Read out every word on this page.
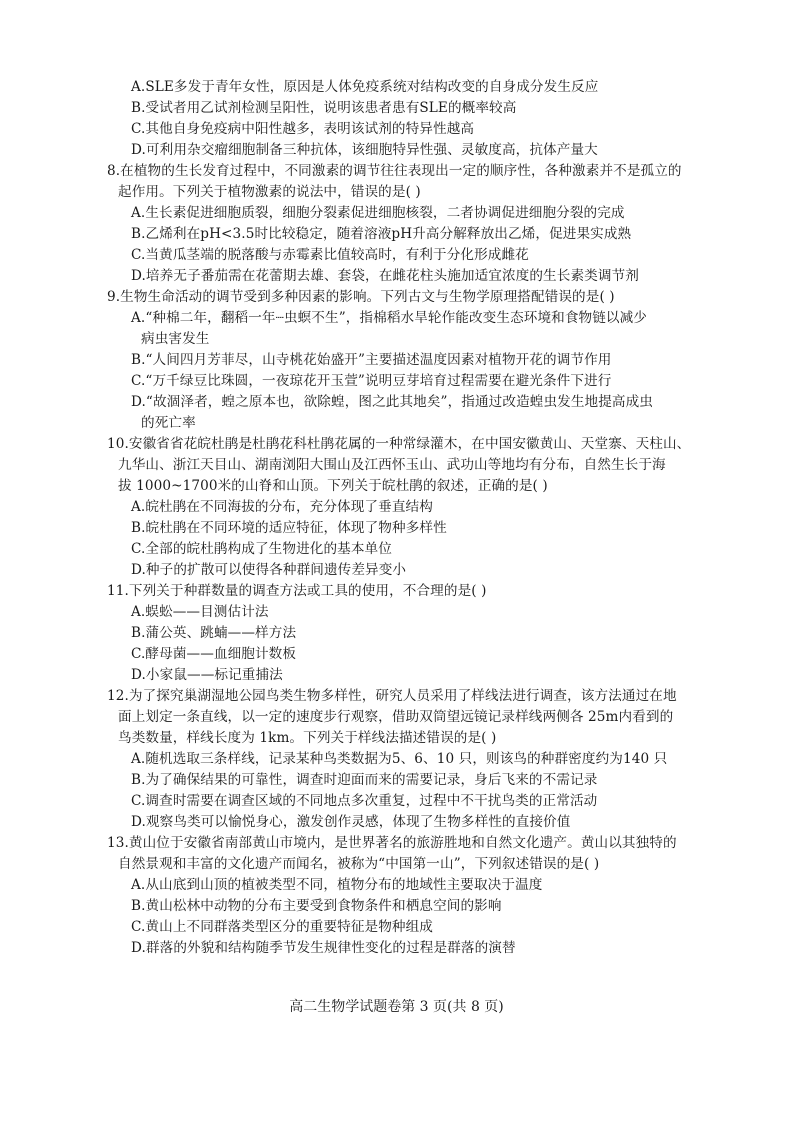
A.SLE多发于青年女性，原因是人体免疫系统对结构改变的自身成分发生反应
B.受试者用乙试剂检测呈阳性，说明该患者患有SLE的概率较高
C.其他自身免疫病中阳性越多，表明该试剂的特异性越高
D.可利用杂交瘤细胞制备三种抗体，该细胞特异性强、灵敏度高，抗体产量大
8.在植物的生长发育过程中，不同激素的调节往往表现出一定的顺序性，各种激素并不是孤立的
起作用。下列关于植物激素的说法中，错误的是( )
A.生长素促进细胞质裂，细胞分裂素促进细胞核裂，二者协调促进细胞分裂的完成
B.乙烯利在pH<3.5时比较稳定，随着溶液pH升高分解释放出乙烯，促进果实成熟
C.当黄瓜茎端的脱落酸与赤霉素比值较高时，有利于分化形成雌花
D.培养无子番茄需在花蕾期去雄、套袋，在雌花柱头施加适宜浓度的生长素类调节剂
9.生物生命活动的调节受到多种因素的影响。下列古文与生物学原理搭配错误的是( )
A.“种棉二年，翻稻一年┈虫螟不生”，指棉稻水旱轮作能改变生态环境和食物链以减少
病虫害发生
B.“人间四月芳菲尽，山寺桃花始盛开”主要描述温度因素对植物开花的调节作用
C.“万千绿豆比珠圆，一夜琼花开玉萱”说明豆芽培育过程需要在避光条件下进行
D.“故涸泽者，蝗之原本也，欲除蝗，图之此其地矣”，指通过改造蝗虫发生地提高成虫
的死亡率
10.安徽省省花皖杜鹃是杜鹃花科杜鹃花属的一种常绿灌木，在中国安徽黄山、天堂寨、天柱山、
九华山、浙江天目山、湖南浏阳大围山及江西怀玉山、武功山等地均有分布，自然生长于海
拔 1000~1700米的山脊和山顶。下列关于皖杜鹃的叙述，正确的是( )
A.皖杜鹃在不同海拔的分布，充分体现了垂直结构
B.皖杜鹃在不同环境的适应特征，体现了物种多样性
C.全部的皖杜鹃构成了生物进化的基本单位
D.种子的扩散可以使得各种群间遗传差异变小
11.下列关于种群数量的调查方法或工具的使用，不合理的是( )
A.蜈蚣——目测估计法
B.蒲公英、跳蝻——样方法
C.酵母菌——血细胞计数板
D.小家鼠——标记重捕法
12.为了探究巢湖湿地公园鸟类生物多样性，研究人员采用了样线法进行调查，该方法通过在地
面上划定一条直线，以一定的速度步行观察，借助双筒望远镜记录样线两侧各 25m内看到的
鸟类数量，样线长度为 1km。下列关于样线法描述错误的是( )
A.随机选取三条样线，记录某种鸟类数据为5、6、10 只，则该鸟的种群密度约为140 只
B.为了确保结果的可靠性，调查时迎面而来的需要记录，身后飞来的不需记录
C.调查时需要在调查区域的不同地点多次重复，过程中不干扰鸟类的正常活动
D.观察鸟类可以愉悦身心，激发创作灵感，体现了生物多样性的直接价值
13.黄山位于安徽省南部黄山市境内，是世界著名的旅游胜地和自然文化遗产。黄山以其独特的
自然景观和丰富的文化遗产而闻名，被称为“中国第一山”，下列叙述错误的是( )
A.从山底到山顶的植被类型不同，植物分布的地域性主要取决于温度
B.黄山松林中动物的分布主要受到食物条件和栖息空间的影响
C.黄山上不同群落类型区分的重要特征是物种组成
D.群落的外貌和结构随季节发生规律性变化的过程是群落的演替
高二生物学试题卷第 3 页(共 8 页)
